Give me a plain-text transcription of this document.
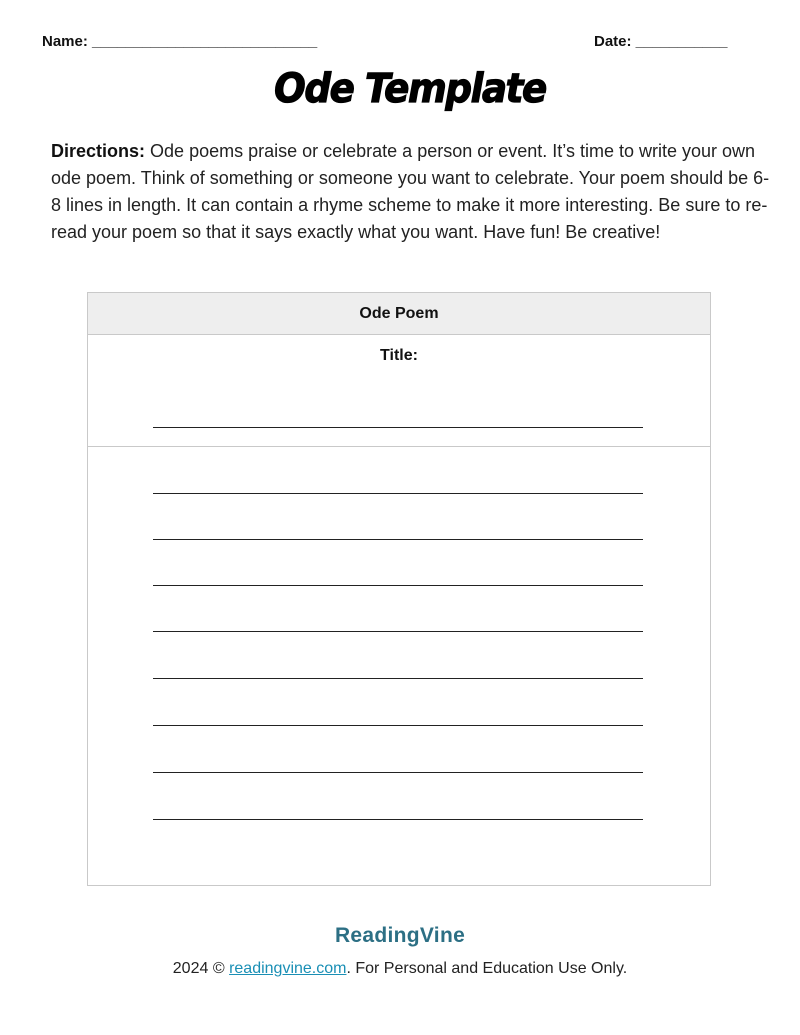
Name: ___________________________	Date: ___________
Ode Template
Directions: Ode poems praise or celebrate a person or event. It’s time to write your own ode poem. Think of something or someone you want to celebrate. Your poem should be 6-8 lines in length. It can contain a rhyme scheme to make it more interesting. Be sure to re-read your poem so that it says exactly what you want. Have fun! Be creative!
Ode Poem
Title:
ReadingVine
2024 © readingvine.com. For Personal and Education Use Only.
